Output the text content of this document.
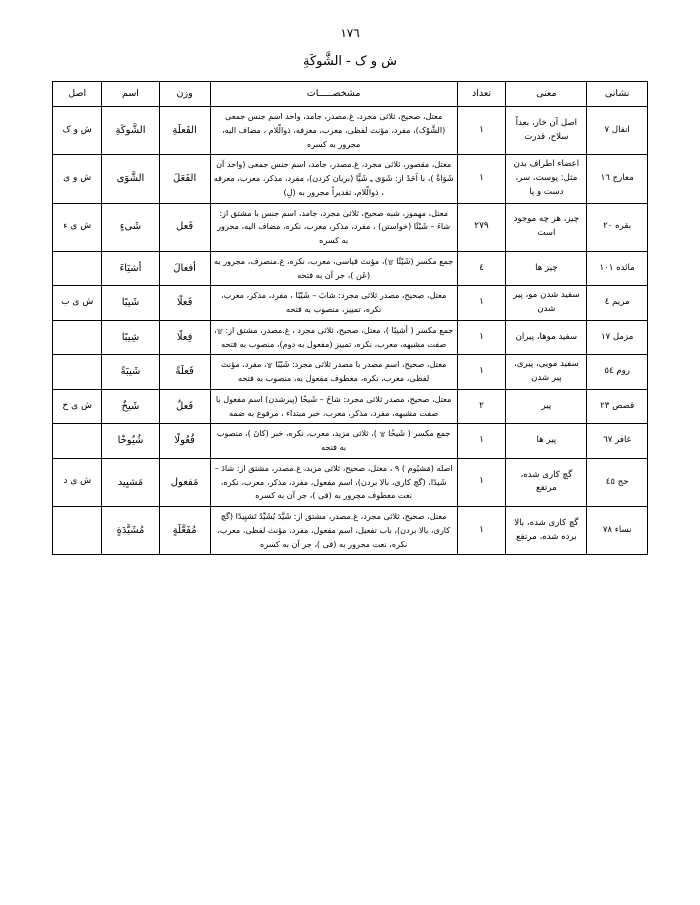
١٧٦
ش و ک - الشَّوكَةِ
نشانی	معنی	تعداد	مشخصـــــات	وزن	اسم	اصل
انفال ٧	اصل آن خار، بعداً سلاح، قدرت	١	معتل، صحیح، ثلاثی مجرد، غ.مصدر، جامد، واحد اسم جنس جمعی (الشَّوْک)، مفرد، مؤنث لفظی، معرب، معرفه، ذوالّلام ، مضاف الیه، مجرور به کسره	الفَعلَةِ	الشَّوكَةِ	ش و ک
معارج ١٦	اعضاء اطراف بدن مثل: پوست، سر، دست و پا	١	معتل، مقصور، ثلاثی مجرد، غ.مصدر، جامد، اسم جنس جمعی (واحد آن شَوَاةٌ )، با اَحَدُ از: شَوَى ـِ شَیًّا (بریان کردن)، مفرد، مذکر، معرب، معرفه ، ذوالّلام، تقدیراً مجرور به (لِ)	الفَعَلَ	الشَّوَى	ش و ى
بقره ٢٠	چیز، هر چه موجود است	٢٧٩	معتل، مهموز، شبه صحیح، ثلاثی مجرد، جامد، اسم جنس با مشتق از: شاءَ – شَیْئًا (خواستن) ، مفرد، مذکر، معرب، نکره، مضاف الیه، مجرور به کسره	فَعل	شَیءٍ	ش ى ء
مائده ١٠١	چیز ها	٤	جمع مکسر (شَیْئًا ۩)، مؤنث قیاسی، معرب، نکره، غ.منصرف، مجرور به (عَن )، جر آن به فتحه	أفعالَ	أشیَاءَ	
مریم ٤	سفید شدن مو، پیر شدن	١	معتل، صحیح، مصدر ثلاثی مجرد: شابَ – شَیْبًا ، مفرد، مذکر، معرب، نکره، تمییز، منصوب به فتحه	فَعلًا	شَیبًا	ش ى ب
مزمل ١٧	سفید موها، پیران	١	جمع مکسر ( أشیبًا )، معتل، صحیح، ثلاثی مجرد ، غ.مصدر، مشتق از: ۩، صفت مشبهه، معرب، نکره، تمییز (مفعول به دوم)، منصوب به فتحه	فِعلًا	شِیبًا	
روم ٥٤	سفید مویی، پیری، پیر شدن	١	معتل، صحیح، اسم مصدر با مصدر ثلاثی مجرد: شَیْبًا ۩، مفرد، مؤنث لفظی، معرب، نکره، معطوف مفعول به، منصوب به فتحه	فَعلَةً	شَیبَةً	
قصص ٢٣	پیر	٢	معتل، صحیح، مصدر ثلاثی مجرد: شاخَ – شَیخًا (پیرشدن) اسم مفعول با صفت مشبهه، مفرد، مذکر، معرب، خبر مبتداء ، مرفوع به ضمه	فَعلٌ	شَیخٌ	ش ى خ
غافر ٦٧	پیر ها	١	جمع مکسر ( شَیخًا ۩ )، ثلاثی مزید، معرب، نکره، خبر (كانَ )، منصوب به فتحه	فُعُولًا	شُیُوخًا	
حج ٤٥	گچ کاری شده، مرتفع	١	اصله (مَشیُوم ) ۹ ، معتل، صحیح، ثلاثی مزید، غ.مصدر، مشتق از: شادَ – شَیدًا، (گچ کاری، بالا بردن)، اسم مفعول، مفرد، مذکر، معرب، نکره، نعت معطوف مجرور به (فى )، جر آن به کسره	مَفعول	مَشیِید	ش ى د
نساء ٧٨	گچ کاری شده، بالا برده شده، مرتفع	١	معتل، صحیح، ثلاثی مجرد، غ.مصدر، مشتق از: شَیَّدَ یُشَیِّدُ تَشیِیدًا (گچ کاری، بالا بردن)، باب تفعیل، اسم مفعول، مفرد، مؤنث لفظی، معرب، نکره، نعت مجرور به (فى )، جر آن به کسره	مُفَعَّلَةٍ	مُشَیَّدَةٍ	
